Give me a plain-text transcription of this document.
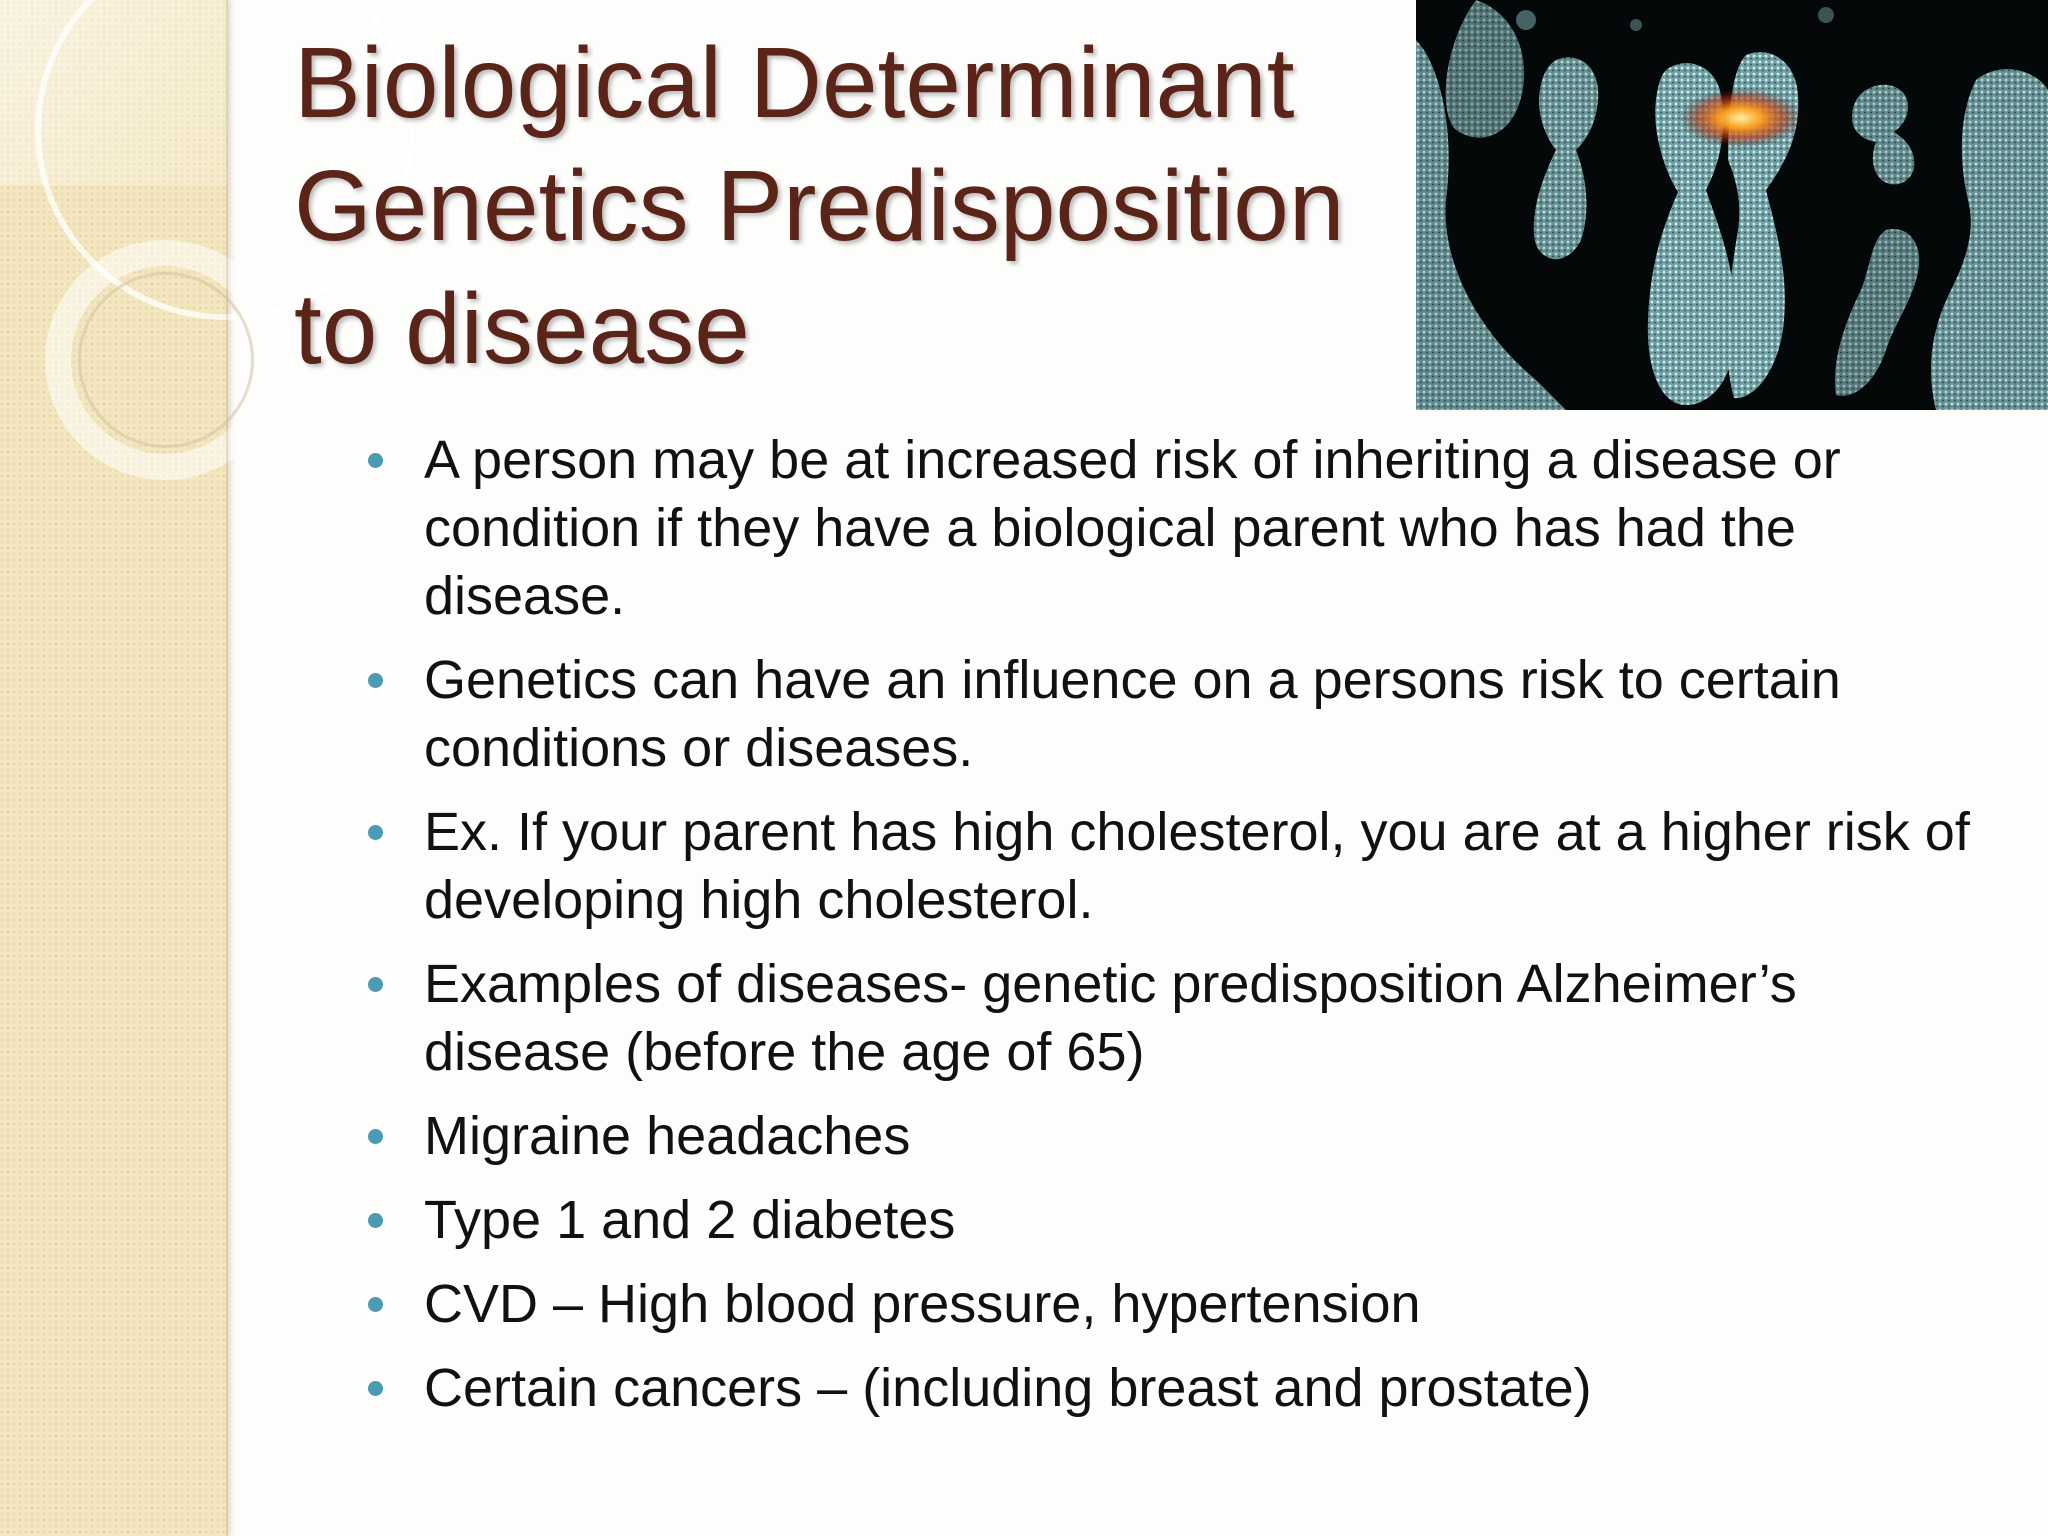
Biological Determinant
Genetics Predisposition
to disease
A person may be at increased risk of inheriting a disease or condition if they have a biological parent who has had the disease.
Genetics can have an influence on a persons risk to certain conditions or diseases.
Ex. If your parent has high cholesterol, you are at a higher risk of developing high cholesterol.
Examples of diseases- genetic predisposition Alzheimer’s disease (before the age of 65)
Migraine headaches
Type 1 and 2 diabetes
CVD – High blood pressure, hypertension
Certain cancers – (including breast and prostate)
